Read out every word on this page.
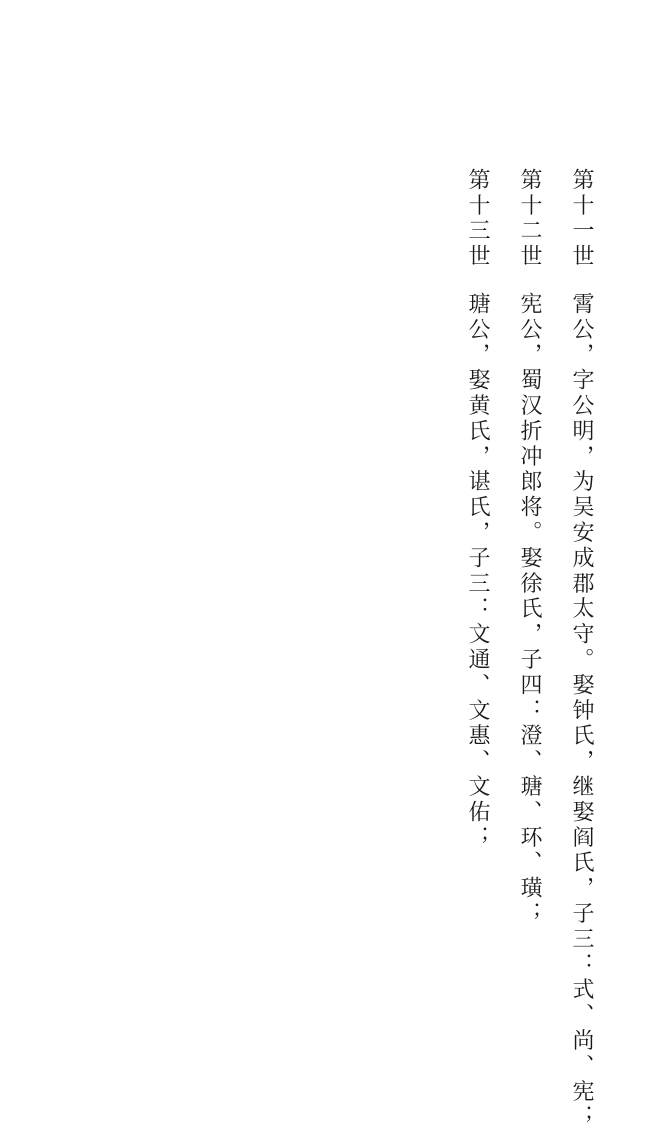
第十一世
霄公，字公明，为吴安成郡太守。娶钟氏，继娶阎氏，子三：式、尚、宪；
第十二世
宪公，蜀汉折冲郎将。娶徐氏，子四：澄、瑭、环、璜；
第十三世
瑭公，娶黄氏，谌氏，子三：文通、文惠、文佑；
